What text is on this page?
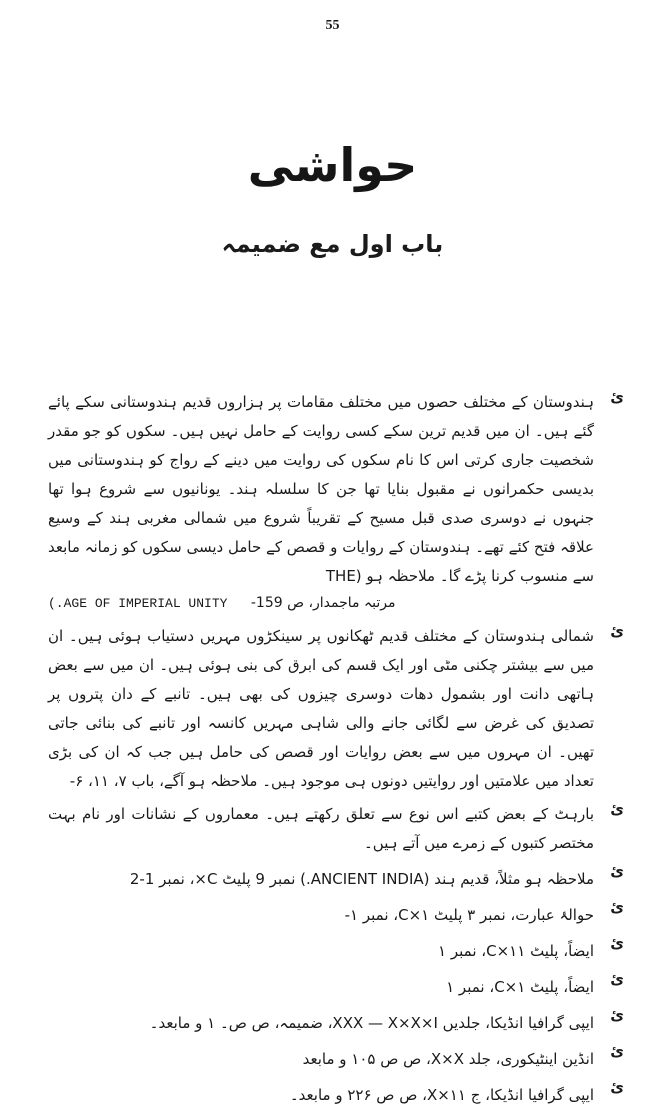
55
حواشی
باب اول مع ضمیمہ
ئ
ہندوستان کے مختلف حصوں میں مختلف مقامات پر ہزاروں قدیم ہندوستانی سکے پائے گئے ہیں۔ ان میں قدیم ترین سکے کسی روایت کے حامل نہیں ہیں۔ سکوں کو جو مقدر شخصیت جاری کرتی اس کا نام سکوں کی روایت میں دینے کے رواج کو ہندوستانی میں بدیسی حکمرانوں نے مقبول بنایا تھا جن کا سلسلہ ہند۔ یونانیوں سے شروع ہوا تھا جنہوں نے دوسری صدی قبل مسیح کے تقریباً شروع میں شمالی مغربی ہند کے وسیع علاقہ فتح کئے تھے۔ ہندوستان کے روایات و قصص کے حامل دیسی سکوں کو زمانہ مابعد سے منسوب کرنا پڑے گا۔ ملاحظہ ہو (THE
مرتبہ ماجمدار، ص 159-   AGE OF IMPERIAL UNITY.)
ئ
شمالی ہندوستان کے مختلف قدیم ٹھکانوں پر سینکڑوں مہریں دستیاب ہوئی ہیں۔ ان میں سے بیشتر چکنی مٹی اور ایک قسم کی ابرق کی بنی ہوئی ہیں۔ ان میں سے بعض ہاتھی دانت اور بشمول دھات دوسری چیزوں کی بھی ہیں۔ تانبے کے دان پتروں پر تصدیق کی غرض سے لگائی جانے والی شاہی مہریں کانسہ اور تانبے کی بنائی جاتی تھیں۔ ان مہروں میں سے بعض روایات اور قصص کی حامل ہیں جب کہ ان کی بڑی تعداد میں علامتیں اور روایتیں دونوں ہی موجود ہیں۔ ملاحظہ ہو آگے، باب ۷، ۱۱، ۶-
ئ
بارہٹ کے بعض کتبے اس نوع سے تعلق رکھتے ہیں۔ معماروں کے نشانات اور نام بہت مختصر کتبوں کے زمرے میں آتے ہیں۔
ئ
ملاحظہ ہو مثلاً، قدیم ہند (ANCIENT INDIA.) نمبر 9 پلیٹ C×، نمبر 1-2
ئ
حوالۂ عبارت، نمبر ۳ پلیٹ C×۱، نمبر ۱-
ئ
ایضاً، پلیٹ C×۱۱، نمبر ۱
ئ
ایضاً، پلیٹ C×۱، نمبر ۱
ئ
ایپی گرافیا انڈیکا، جلدیں XXX — X×X×I، ضمیمہ، ص ص۔ ۱ و مابعد۔
ئ
انڈین اینٹیکوری، جلد X×X، ص ص ۱۰۵ و مابعد
ئ
ایپی گرافیا انڈیکا، ج X×۱۱، ص ص ۲۲۶ و مابعد۔
